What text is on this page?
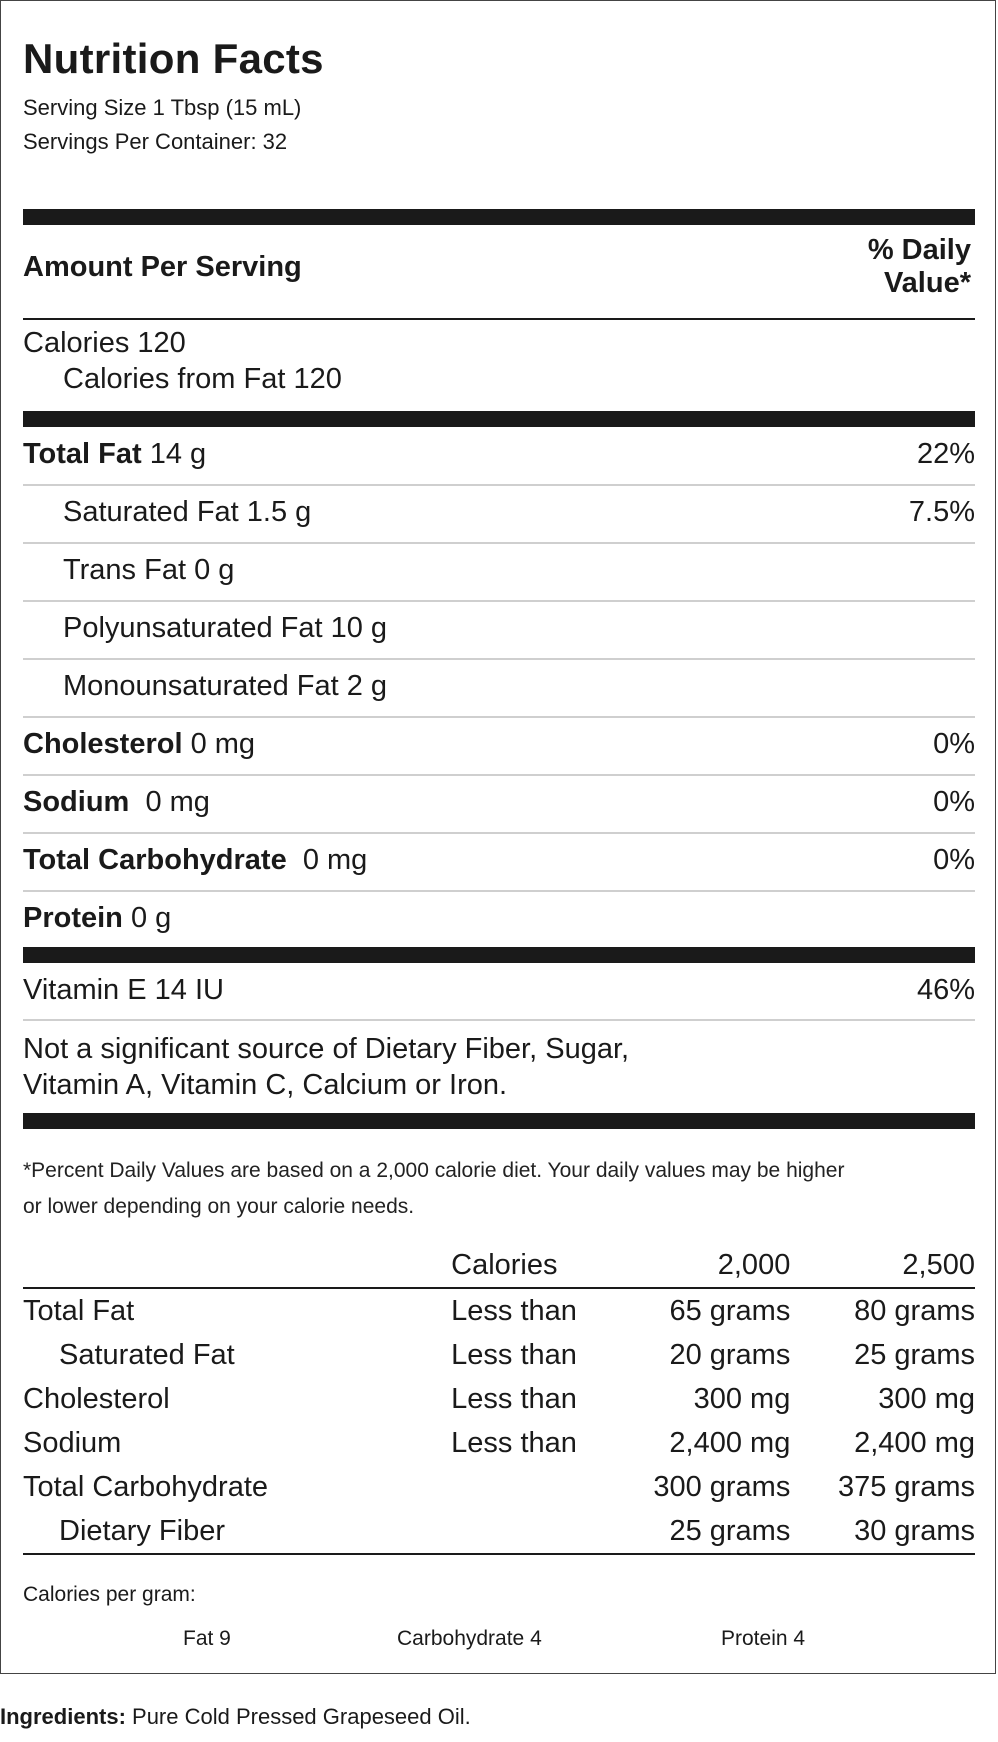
Nutrition Facts
Serving Size 1 Tbsp (15 mL)
Servings Per Container: 32
Amount Per Serving
% Daily
Value*
Calories 120
Calories from Fat 120
Total Fat 14 g	22%
Saturated Fat 1.5 g	7.5%
Trans Fat 0 g
Polyunsaturated Fat 10 g
Monounsaturated Fat 2 g
Cholesterol 0 mg	0%
Sodium  0 mg	0%
Total Carbohydrate  0 mg	0%
Protein 0 g
Vitamin E 14 IU	46%
Not a significant source of Dietary Fiber, Sugar,
Vitamin A, Vitamin C, Calcium or Iron.
*Percent Daily Values are based on a 2,000 calorie diet. Your daily values may be higher
or lower depending on your calorie needs.
	Calories	2,000	2,500
Total Fat	Less than	65 grams	80 grams
Saturated Fat	Less than	20 grams	25 grams
Cholesterol	Less than	300 mg	300 mg
Sodium	Less than	2,400 mg	2,400 mg
Total Carbohydrate		300 grams	375 grams
Dietary Fiber		25 grams	30 grams
Calories per gram:
Fat 9	Carbohydrate 4	Protein 4
Ingredients: Pure Cold Pressed Grapeseed Oil.
